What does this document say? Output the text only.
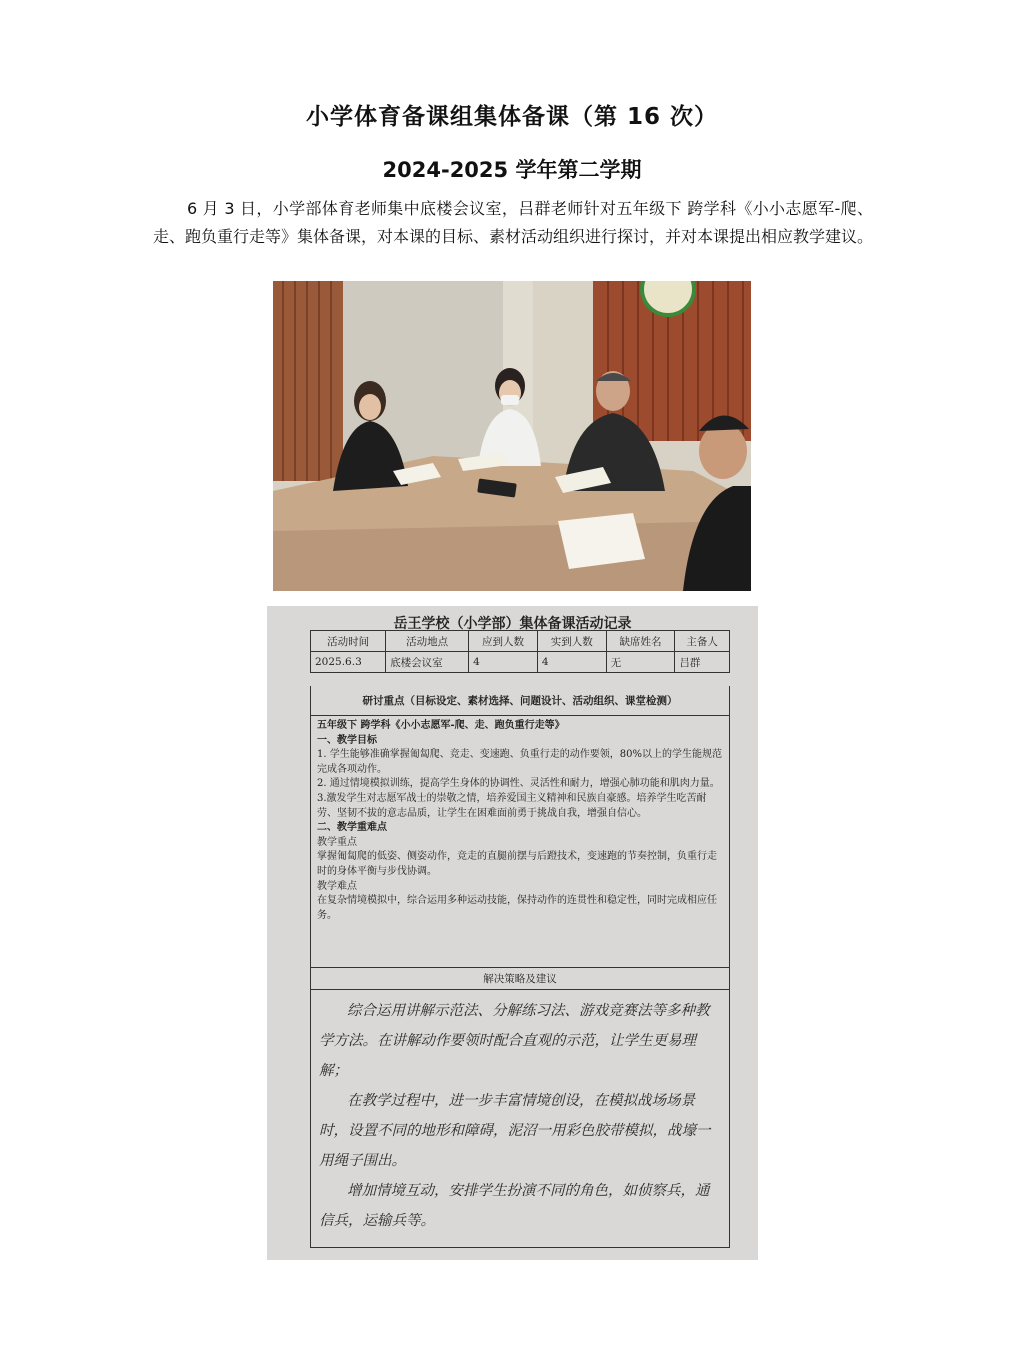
小学体育备课组集体备课（第 16 次）
2024-2025 学年第二学期
6 月 3 日，小学部体育老师集中底楼会议室，吕群老师针对五年级下 跨学科《小小志愿军-爬、走、跑负重行走等》集体备课，对本课的目标、素材活动组织进行探讨，并对本课提出相应教学建议。
岳王学校（小学部）集体备课活动记录
活动时间	活动地点	应到人数	实到人数	缺席姓名	主备人
2025.6.3	底楼会议室	4	4	无	吕群
研讨重点（目标设定、素材选择、问题设计、活动组织、课堂检测）

五年级下 跨学科《小小志愿军-爬、走、跑负重行走等》

一、教学目标

1. 学生能够准确掌握匍匐爬、竞走、变速跑、负重行走的动作要领，80%以上的学生能规范完成各项动作。

2. 通过情境模拟训练，提高学生身体的协调性、灵活性和耐力，增强心肺功能和肌肉力量。

3.激发学生对志愿军战士的崇敬之情，培养爱国主义精神和民族自豪感。培养学生吃苦耐劳、坚韧不拔的意志品质，让学生在困难面前勇于挑战自我，增强自信心。

二、教学重难点

教学重点

掌握匍匐爬的低姿、侧姿动作，竞走的直腿前摆与后蹬技术，变速跑的节奏控制，负重行走时的身体平衡与步伐协调。

教学难点

在复杂情境模拟中，综合运用多种运动技能，保持动作的连贯性和稳定性，同时完成相应任务。

解决策略及建议

综合运用讲解示范法、分解练习法、游戏竞赛法等多种教学方法。在讲解动作要领时配合直观的示范，让学生更易理解；

在教学过程中，进一步丰富情境创设，在模拟战场场景时，设置不同的地形和障碍，泥沼一用彩色胶带模拟，战壕一用绳子围出。

增加情境互动，安排学生扮演不同的角色，如侦察兵，通信兵，运输兵等。
